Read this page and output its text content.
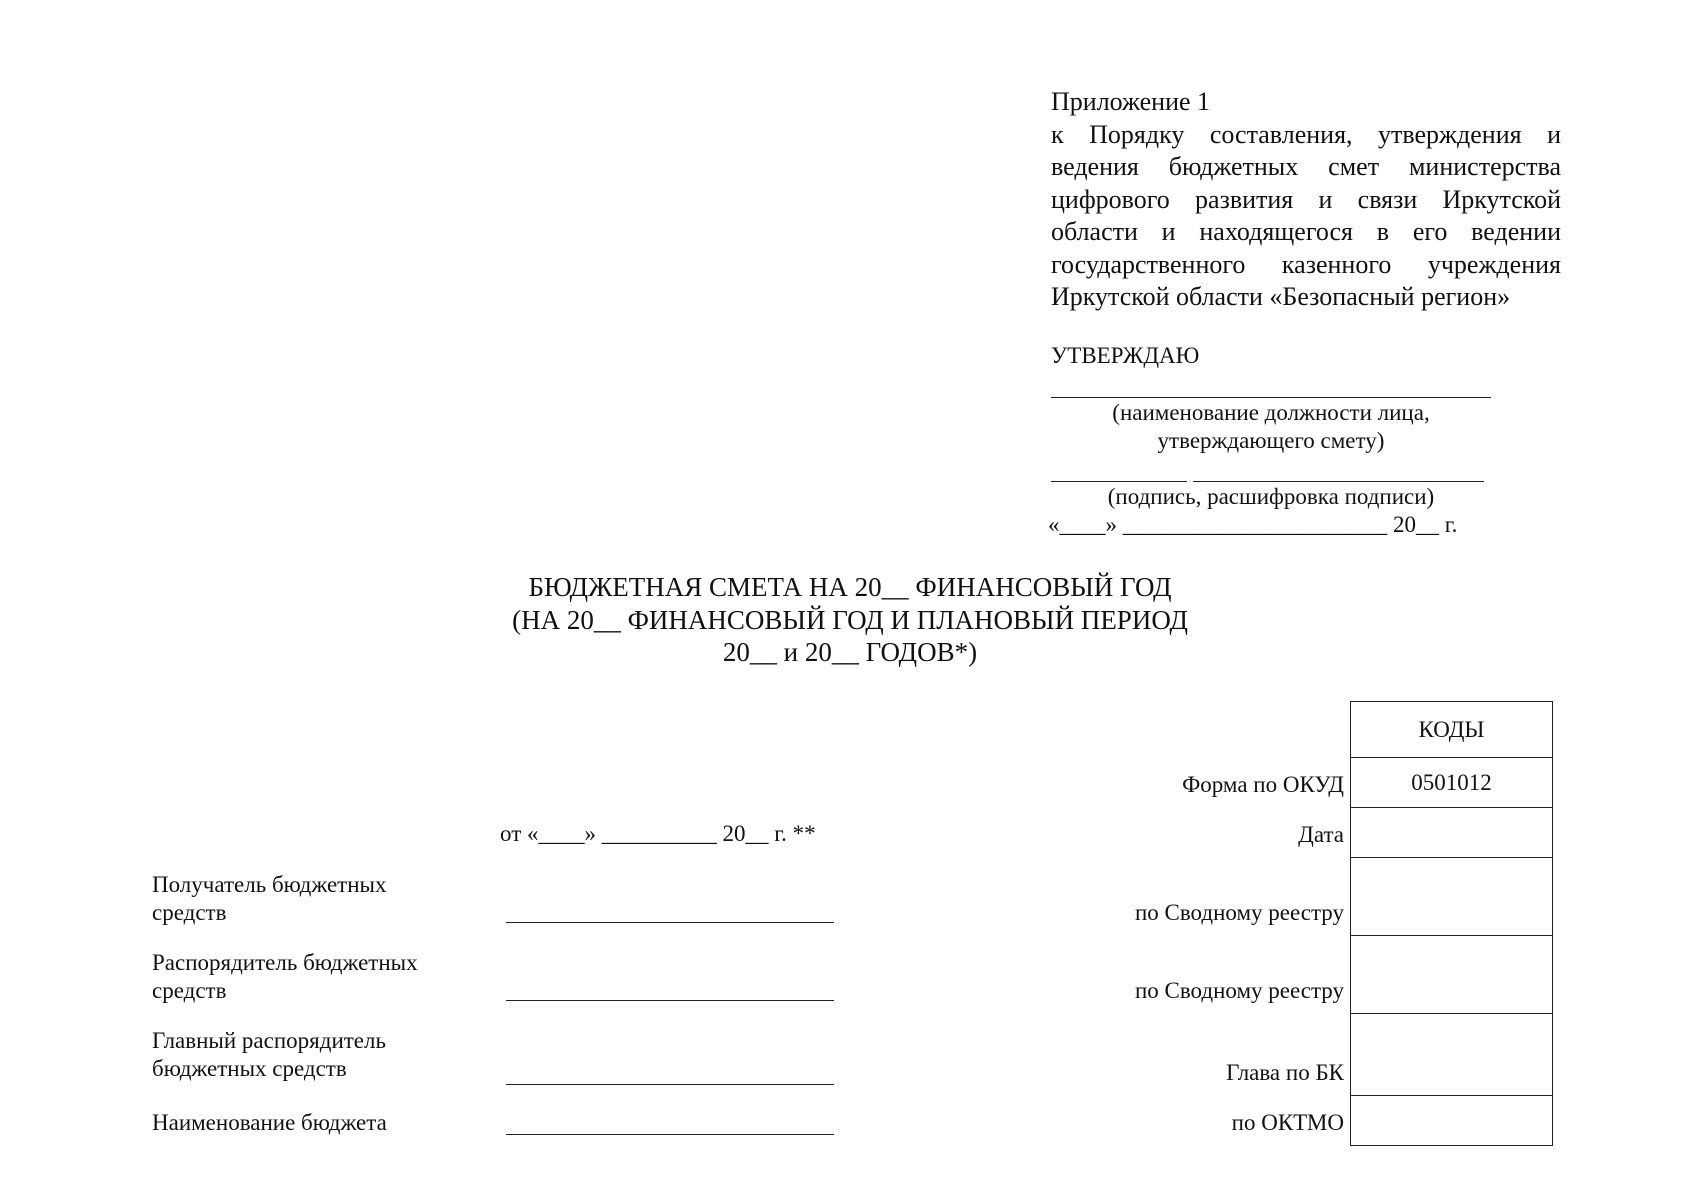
Приложение 1
к Порядку составления, утверждения и ведения бюджетных смет министерства цифрового развития и связи Иркутской области и находящегося в его ведении государственного казенного учреждения Иркутской области «Безопасный регион»
УТВЕРЖДАЮ
(наименование должности лица,
утверждающего смету)
(подпись, расшифровка подписи)
«____» _______________________ 20__ г.
БЮДЖЕТНАЯ СМЕТА НА 20__ ФИНАНСОВЫЙ ГОД
(НА 20__ ФИНАНСОВЫЙ ГОД И ПЛАНОВЫЙ ПЕРИОД
20__ и 20__ ГОДОВ*)
от «____» __________ 20__ г. **
КОДЫ
0501012
Форма по ОКУД
Дата
по Сводному реестру
по Сводному реестру
Глава по БК
по ОКТМО
Получатель бюджетных
средств
Распорядитель бюджетных
средств
Главный распорядитель
бюджетных средств
Наименование бюджета
